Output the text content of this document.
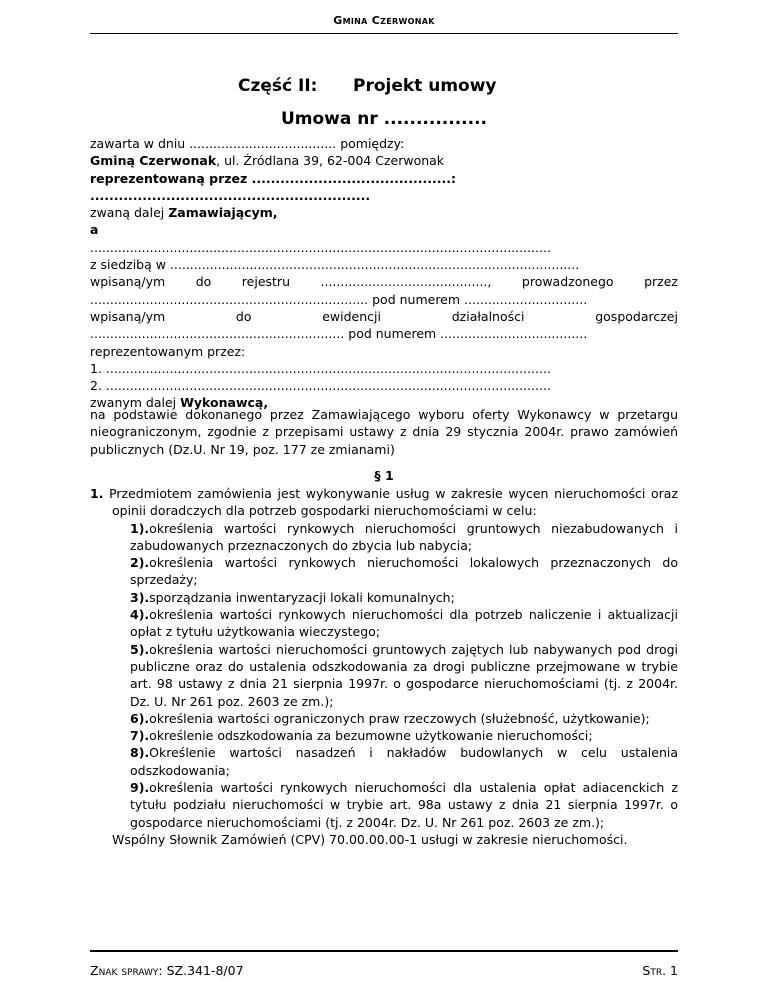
Gmina Czerwonak
Część II: Projekt umowy
Umowa nr ................
zawarta w dniu ..................................... pomiędzy:
Gminą Czerwonak, ul. Źródlana 39, 62-004 Czerwonak
reprezentowaną przez ..........................................:
...........................................................
zwaną dalej Zamawiającym,
a
....................................................................................................................
z siedzibą w .......................................................................................................
wpisaną/ym do rejestru .........................................., prowadzonego przez
...................................................................... pod numerem ...............................
wpisaną/ym	do	ewidencji	działalności	gospodarczej
................................................................ pod numerem .....................................
reprezentowanym przez:
1. ................................................................................................................
2. ................................................................................................................
zwanym dalej Wykonawcą,
na podstawie dokonanego przez Zamawiającego wyboru oferty Wykonawcy w przetargu nieograniczonym, zgodnie z przepisami ustawy z dnia 29 stycznia 2004r. prawo zamówień publicznych (Dz.U. Nr 19, poz. 177 ze zmianami)
§ 1
1. Przedmiotem zamówienia jest wykonywanie usług w zakresie wycen nieruchomości oraz opinii doradczych dla potrzeb gospodarki nieruchomościami w celu:
1).określenia wartości rynkowych nieruchomości gruntowych niezabudowanych i zabudowanych przeznaczonych do zbycia lub nabycia;
2).określenia wartości rynkowych nieruchomości lokalowych przeznaczonych do sprzedaży;
3).sporządzania inwentaryzacji lokali komunalnych;
4).określenia wartości rynkowych nieruchomości dla potrzeb naliczenie i aktualizacji opłat z tytułu użytkowania wieczystego;
5).określenia wartości nieruchomości gruntowych zajętych lub nabywanych pod drogi publiczne oraz do ustalenia odszkodowania za drogi publiczne przejmowane w trybie art. 98 ustawy z dnia 21 sierpnia 1997r. o gospodarce nieruchomościami (tj. z 2004r. Dz. U. Nr 261 poz. 2603 ze zm.);
6).określenia wartości ograniczonych praw rzeczowych (służebność, użytkowanie);
7).określenie odszkodowania za bezumowne użytkowanie nieruchomości;
8).Określenie wartości nasadzeń i nakładów budowlanych w celu ustalenia odszkodowania;
9).określenia wartości rynkowych nieruchomości dla ustalenia opłat adiacenckich z tytułu podziału nieruchomości w trybie art. 98a ustawy z dnia 21 sierpnia 1997r. o gospodarce nieruchomościami (tj. z 2004r. Dz. U. Nr 261 poz. 2603 ze zm.);
Wspólny Słownik Zamówień (CPV) 70.00.00.00-1 usługi w zakresie nieruchomości.
Znak sprawy: SZ.341-8/07	Str. 1
